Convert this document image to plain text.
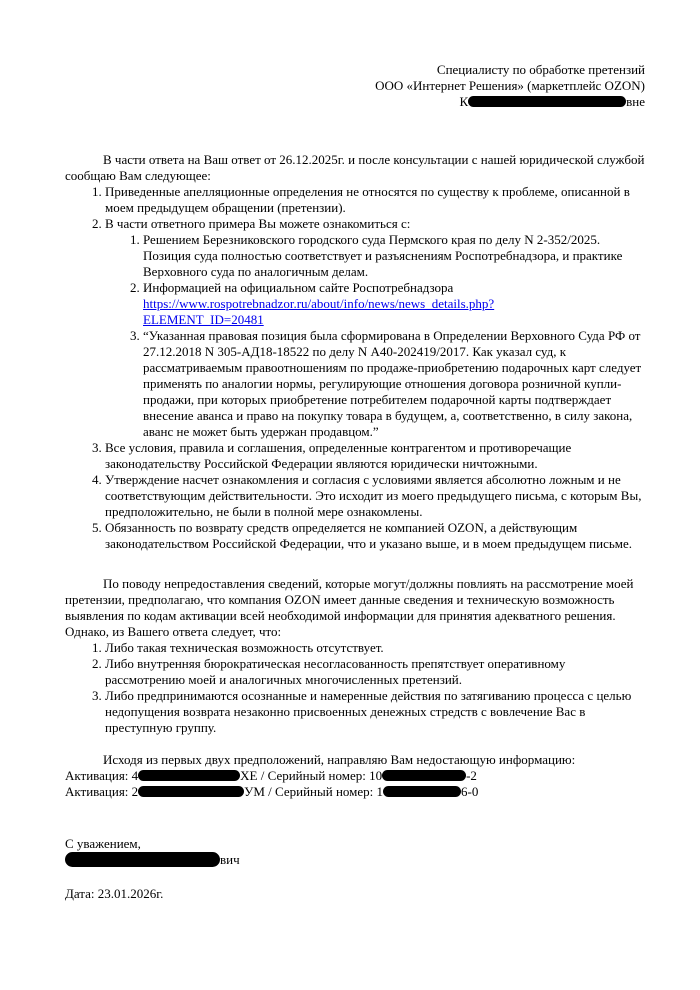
Специалисту по обработке претензий
ООО «Интернет Решения» (маркетплейс OZON)
К	вне

В части ответа на Ваш ответ от 26.12.2025г. и после консультации с нашей юридической службой сообщаю Вам следующее:

1. Приведенные апелляционные определения не относятся по существу к проблеме, описанной в моем предыдущем обращении (претензии).
2. В части ответного примера Вы можете ознакомиться с:
1. Решением Березниковского городского суда Пермского края по делу N 2-352/2025. Позиция суда полностью соответствует и разъяснениям Роспотребнадзора, и практике Верховного суда по аналогичным делам.
2. Информацией на официальном сайте Роспотребнадзора
https://www.rospotrebnadzor.ru/about/info/news/news_details.php?
ELEMENT_ID=20481
3. “Указанная правовая позиция была сформирована в Определении Верховного Суда РФ от 27.12.2018 N 305-АД18-18522 по делу N А40-202419/2017. Как указал суд, к рассматриваемым правоотношениям по продаже-приобретению подарочных карт следует применять по аналогии нормы, регулирующие отношения договора розничной купли-продажи, при которых приобретение потребителем подарочной карты подтверждает внесение аванса и право на покупку товара в будущем, а, соответственно, в силу закона, аванс не может быть удержан продавцом.”
3. Все условия, правила и соглашения, определенные контрагентом и противоречащие законодательству Российской Федерации являются юридически ничтожными.
4. Утверждение насчет ознакомления и согласия с условиями является абсолютно ложным и не соответствующим действительности. Это исходит из моего предыдущего письма, с которым Вы, предположительно, не были в полной мере ознакомлены.
5. Обязанность по возврату средств определяется не компанией OZON, а действующим законодательством Российской Федерации, что и указано выше, и в моем предыдущем письме.

По поводу непредоставления сведений, которые могут/должны повлиять на рассмотрение моей претензии, предполагаю, что компания OZON имеет данные сведения и техническую возможность выявления по кодам активации всей необходимой информации для принятия адекватного решения. Однако, из Вашего ответа следует, что:

1. Либо такая техническая возможность отсутствует.
2. Либо внутренняя бюрократическая несогласованность препятствует оперативному рассмотрению моей и аналогичных многочисленных претензий.
3. Либо предпринимаются осознанные и намеренные действия по затягиванию процесса с целью недопущения возврата незаконно присвоенных денежных стредств с вовлечение Вас в преступную группу.

Исходя из первых двух предположений, направляю Вам недостающую информацию:

Активация: 4	ХЕ / Серийный номер: 10	-2
Активация: 2	УМ / Серийный номер: 1	6-0
С уважением,
вич

Дата: 23.01.2026г.
